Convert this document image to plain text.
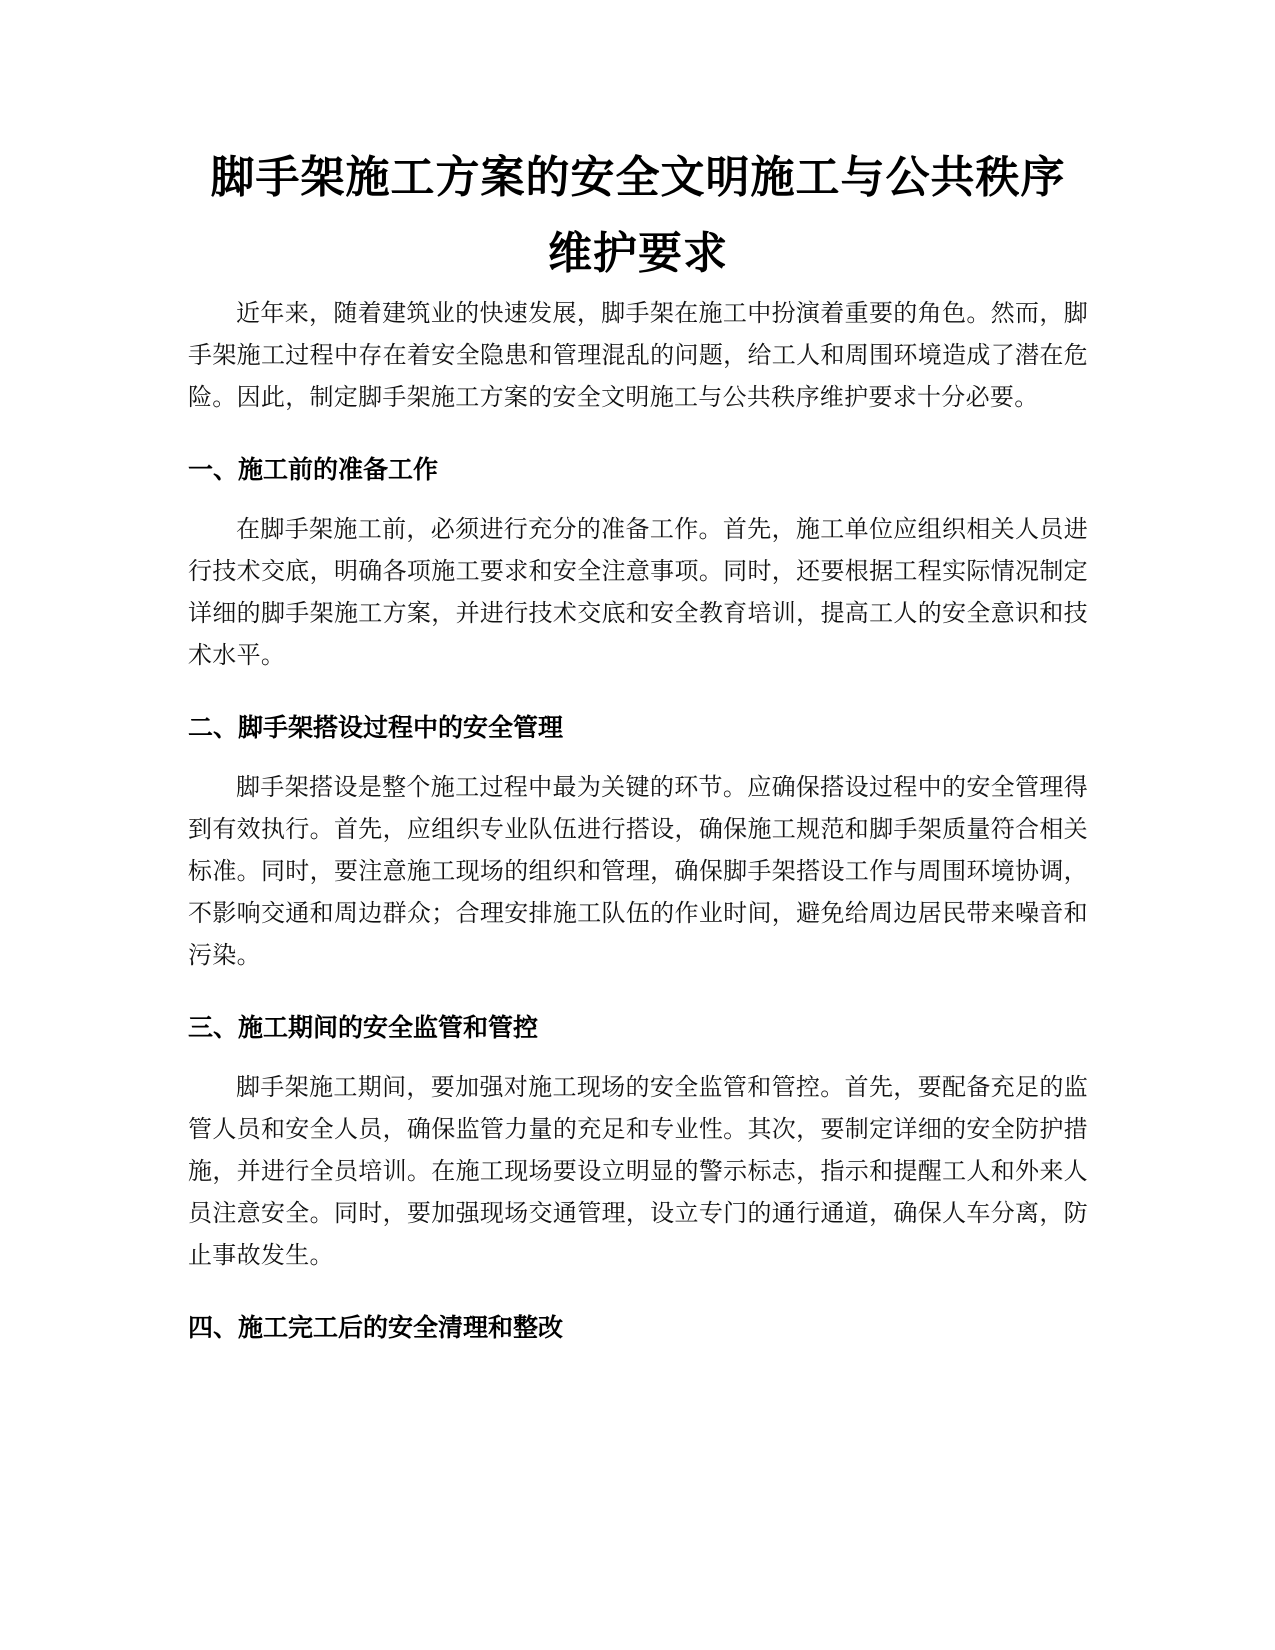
脚手架施工方案的安全文明施工与公共秩序
维护要求

近年来，随着建筑业的快速发展，脚手架在施工中扮演着重要的角色。然而，脚手架施工过程中存在着安全隐患和管理混乱的问题，给工人和周围环境造成了潜在危险。因此，制定脚手架施工方案的安全文明施工与公共秩序维护要求十分必要。

一、施工前的准备工作

在脚手架施工前，必须进行充分的准备工作。首先，施工单位应组织相关人员进行技术交底，明确各项施工要求和安全注意事项。同时，还要根据工程实际情况制定详细的脚手架施工方案，并进行技术交底和安全教育培训，提高工人的安全意识和技术水平。

二、脚手架搭设过程中的安全管理

脚手架搭设是整个施工过程中最为关键的环节。应确保搭设过程中的安全管理得到有效执行。首先，应组织专业队伍进行搭设，确保施工规范和脚手架质量符合相关标准。同时，要注意施工现场的组织和管理，确保脚手架搭设工作与周围环境协调，不影响交通和周边群众；合理安排施工队伍的作业时间，避免给周边居民带来噪音和污染。

三、施工期间的安全监管和管控

脚手架施工期间，要加强对施工现场的安全监管和管控。首先，要配备充足的监管人员和安全人员，确保监管力量的充足和专业性。其次，要制定详细的安全防护措施，并进行全员培训。在施工现场要设立明显的警示标志，指示和提醒工人和外来人员注意安全。同时，要加强现场交通管理，设立专门的通行通道，确保人车分离，防止事故发生。

四、施工完工后的安全清理和整改
